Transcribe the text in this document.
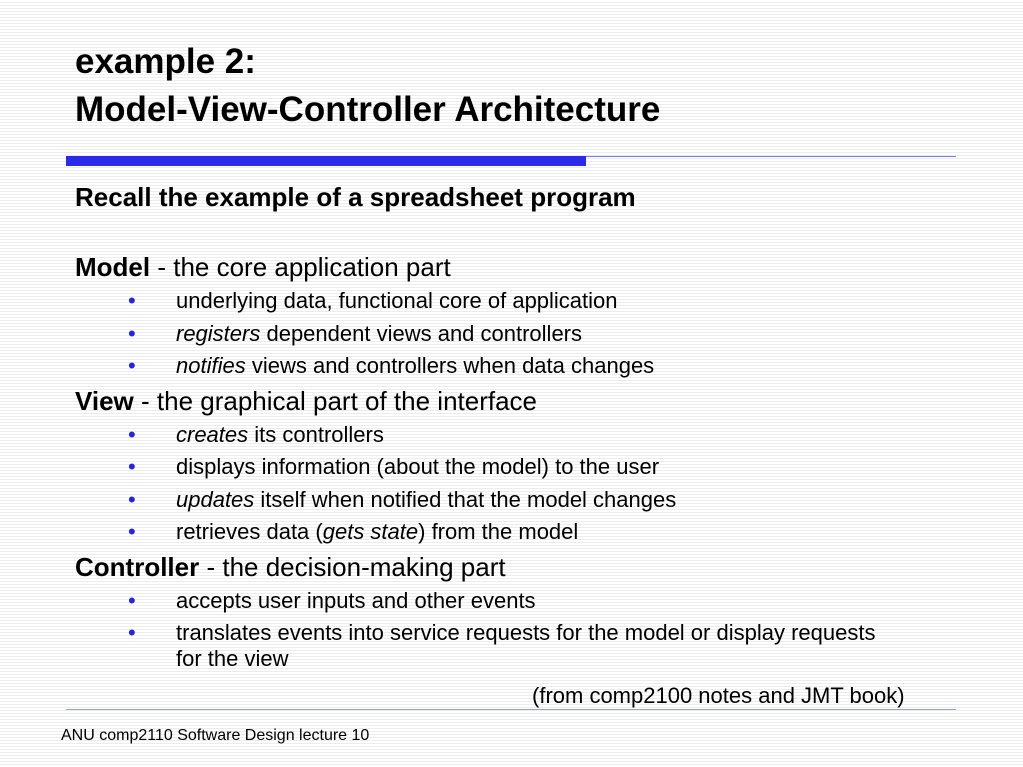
example 2:
Model-View-Controller Architecture

Recall the example of a spreadsheet program

Model - the core application part

• underlying data, functional core of application
• registers dependent views and controllers
• notifies views and controllers when data changes

View - the graphical part of the interface

• creates its controllers
• displays information (about the model) to the user
• updates itself when notified that the model changes
• retrieves data (gets state) from the model

Controller - the decision-making part

• accepts user inputs and other events
• translates events into service requests for the model or display requests for the view
(from comp2100 notes and JMT book)
ANU comp2110 Software Design lecture 10
